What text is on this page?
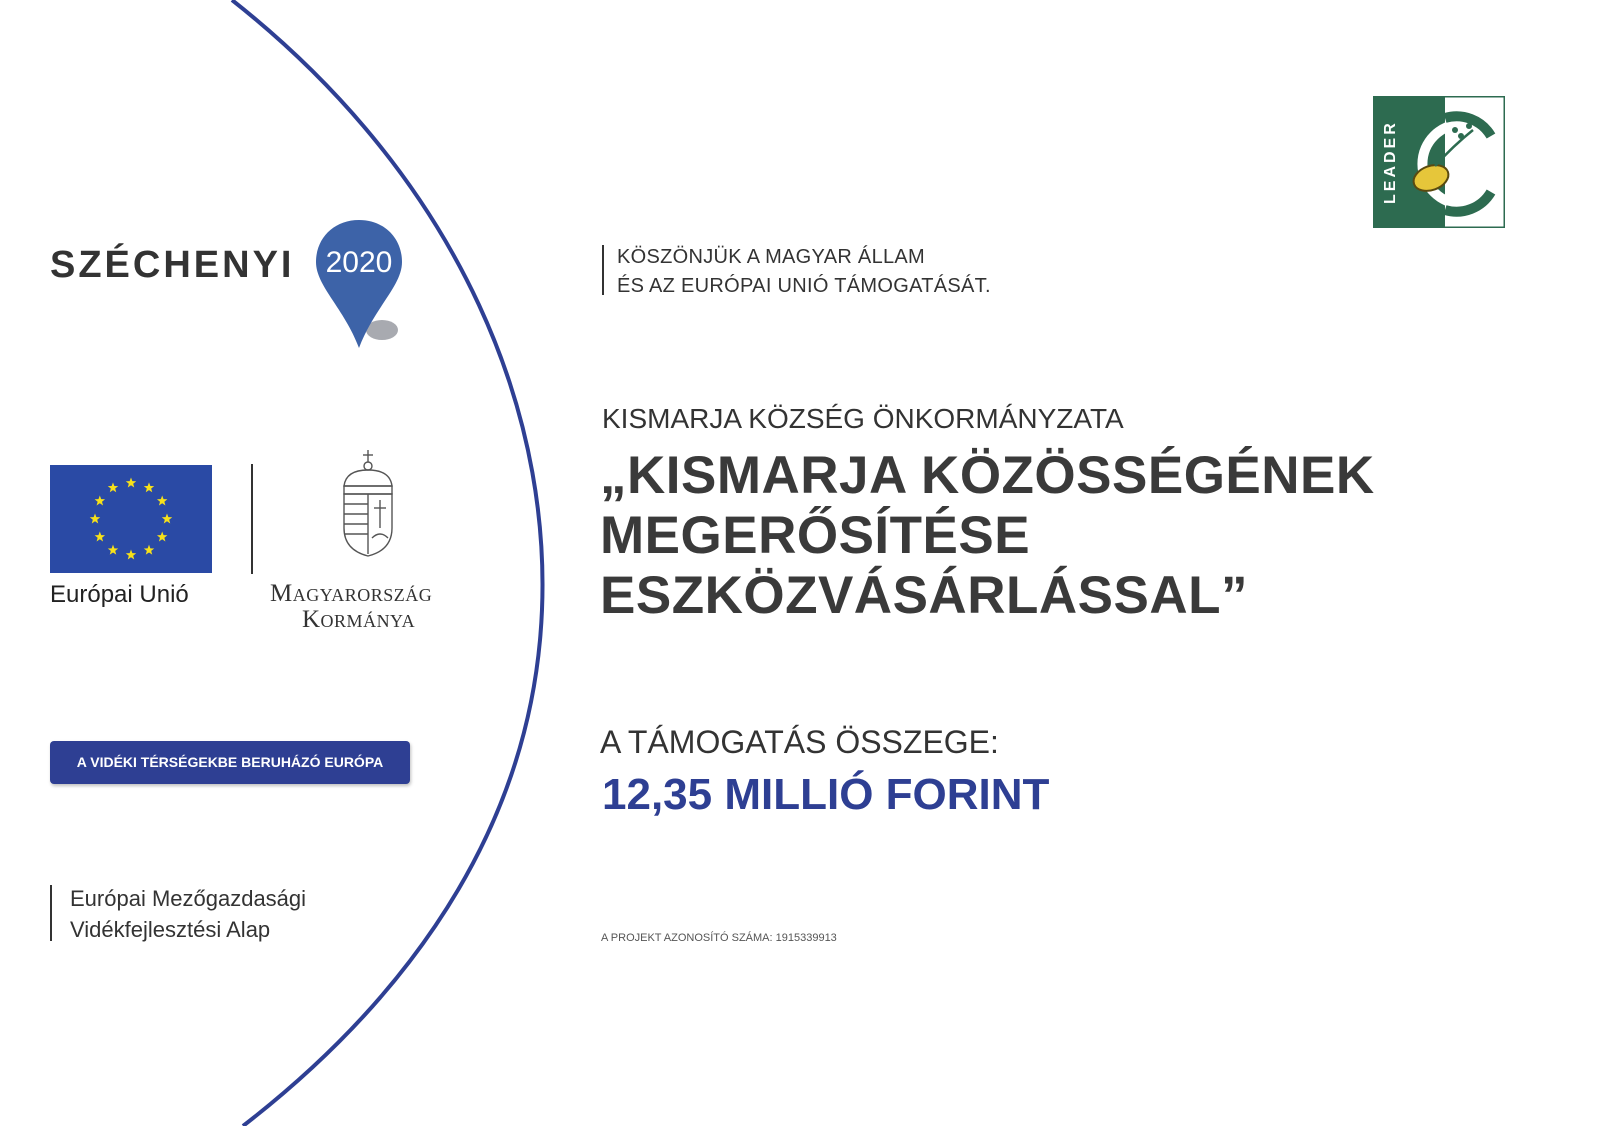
SZÉCHENYI 2020
Európai Unió	Magyarország
Kormánya
A VIDÉKI TÉRSÉGEKBE BERUHÁZÓ EURÓPA
Európai Mezőgazdasági
Vidékfejlesztési Alap
KÖSZÖNJÜK A MAGYAR ÁLLAM
ÉS AZ EURÓPAI UNIÓ TÁMOGATÁSÁT.
KISMARJA KÖZSÉG ÖNKORMÁNYZATA
„KISMARJA KÖZÖSSÉGÉNEK
MEGERŐSÍTÉSE
ESZKÖZVÁSÁRLÁSSAL”
A TÁMOGATÁS ÖSSZEGE:
12,35 MILLIÓ FORINT
A PROJEKT AZONOSÍTÓ SZÁMA: 1915339913
LEADER
